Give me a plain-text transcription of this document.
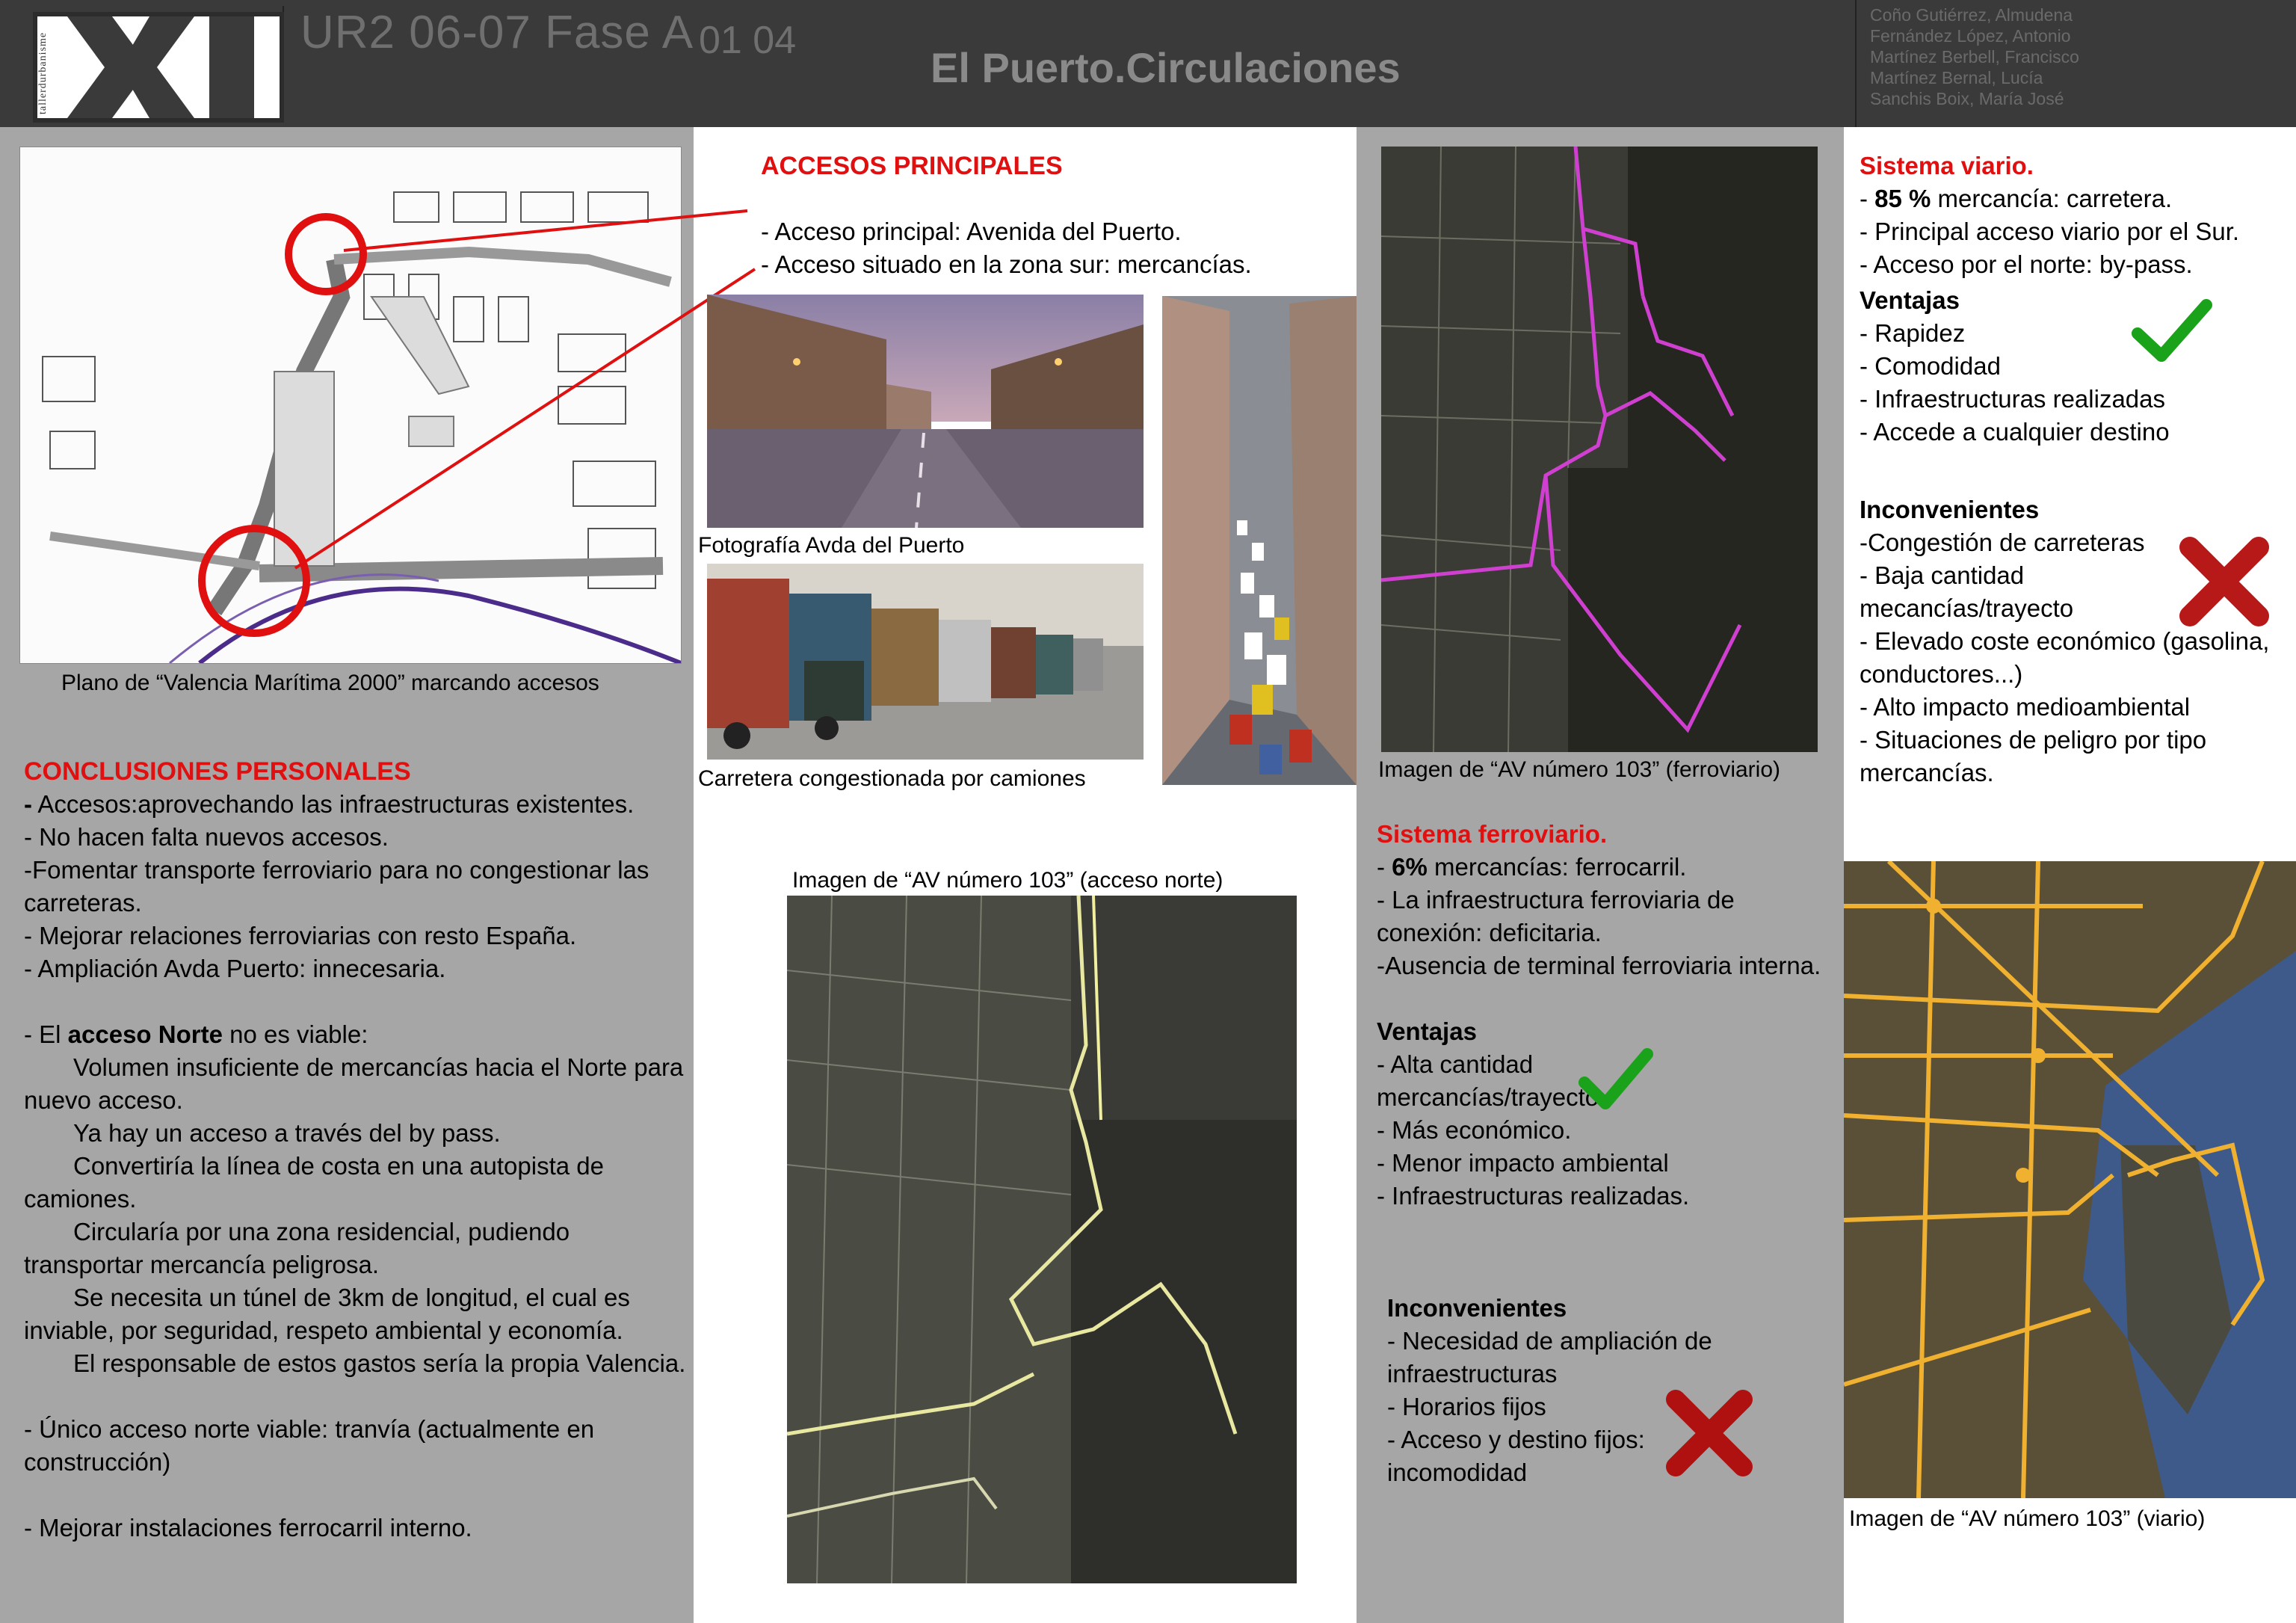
tallerdurbanisme	UR2 06-07 Fase A 01 04
El Puerto.Circulaciones
Coño Gutiérrez, Almudena
Fernández López, Antonio
Martínez Berbell, Francisco
Martínez Bernal, Lucía
Sanchis Boix, María José
Plano de “Valencia Marítima 2000” marcando accesos
ACCESOS PRINCIPALES
- Acceso principal: Avenida del Puerto.
- Acceso situado en la zona sur: mercancías.
Fotografía Avda del Puerto
Carretera congestionada por camiones
CONCLUSIONES PERSONALES
- Accesos:aprovechando las infraestructuras existentes.
- No hacen falta nuevos accesos.
-Fomentar transporte ferroviario para no congestionar las carreteras.
- Mejorar relaciones ferroviarias con resto España.
- Ampliación Avda Puerto: innecesaria.
- El acceso Norte no es viable:
Volumen insuficiente de mercancías hacia el Norte para nuevo acceso.
Ya hay un acceso a través del by pass.
Convertiría la línea de costa en una autopista de camiones.
Circularía por una zona residencial, pudiendo transportar mercancía peligrosa.
Se necesita un túnel de 3km de longitud, el cual es inviable, por seguridad, respeto ambiental y economía.
El responsable de estos gastos sería la propia Valencia.
- Único acceso norte viable: tranvía (actualmente en construcción)
- Mejorar instalaciones ferrocarril interno.
Imagen de “AV número 103” (acceso norte)
Imagen de “AV número 103” (ferroviario)
Sistema ferroviario.
- 6% mercancías: ferrocarril.
- La infraestructura ferroviaria de conexión: deficitaria.
-Ausencia de terminal ferroviaria interna.
Ventajas
- Alta cantidad mercancías/trayecto
- Más económico.
- Menor impacto ambiental
- Infraestructuras realizadas.
Inconvenientes
- Necesidad de ampliación de infraestructuras
- Horarios fijos
- Acceso y destino fijos: incomodidad
Sistema viario.
- 85 % mercancía: carretera.
- Principal acceso viario por el Sur.
- Acceso por el norte: by-pass.
Ventajas
- Rapidez
- Comodidad
- Infraestructuras realizadas
- Accede a cualquier destino
Inconvenientes
-Congestión de carreteras
- Baja cantidad mecancías/trayecto
- Elevado coste económico (gasolina, conductores...)
- Alto impacto medioambiental
- Situaciones de peligro por tipo mercancías.
Imagen de “AV número 103” (viario)
